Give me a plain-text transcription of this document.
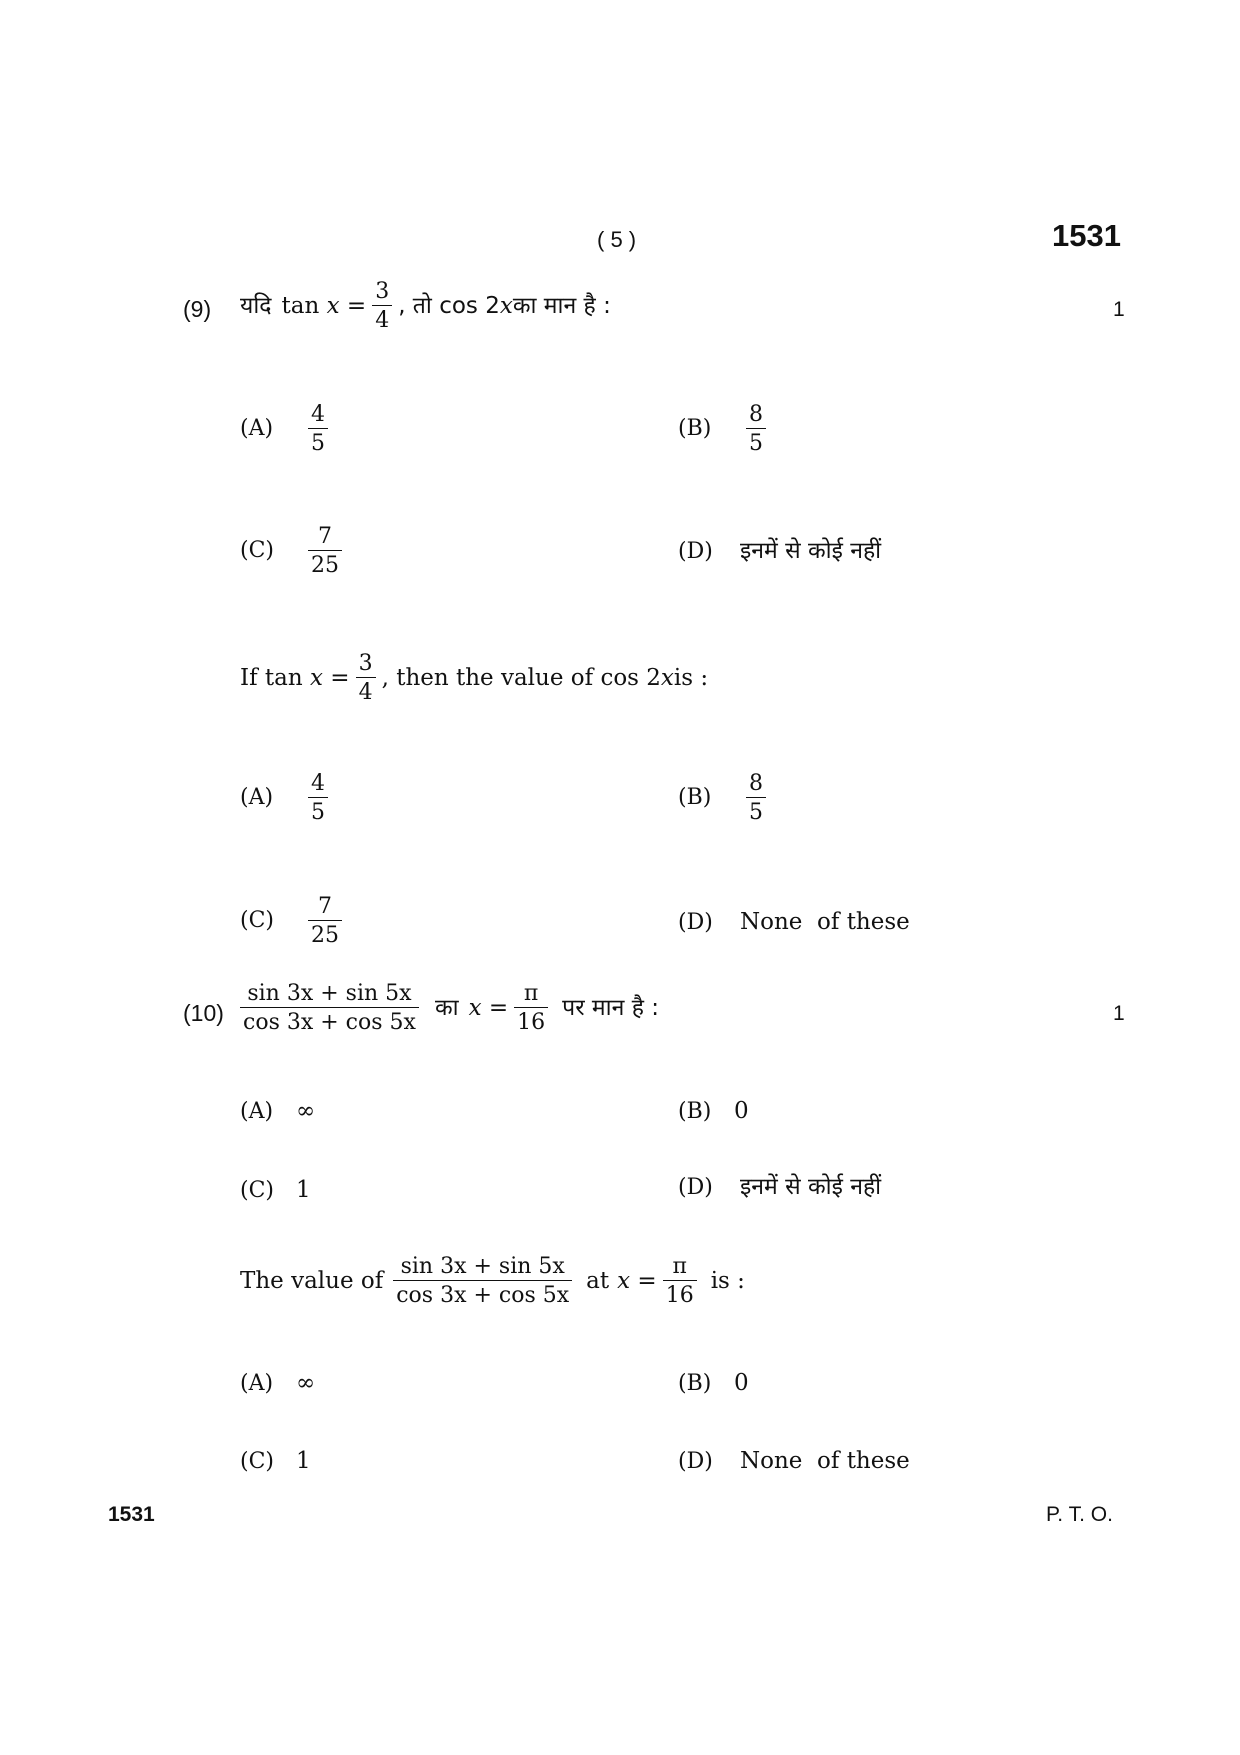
( 5 )	1531
(9) यदि tan
x
= $\frac{3}{4}$ , तो cos 2 x का मान है :	1
(A)	$\frac{4}{5}$	(B)	$\frac{8}{5}$
(C)	$\frac{7}{25}$	(D)	इनमें से कोई नहीं
If tan
x
= $\frac{3}{4}$ , then the value of cos 2 x is :
(A)	$\frac{4}{5}$	(B)	$\frac{8}{5}$
(C)	$\frac{7}{25}$	(D)	None  of these
$(10) \frac{\sin 3x + \sin 5x}{\cos 3x + \cos 5x}$ का $x = \frac{\pi}{16}$ पर मान है :	1
(A) ∞	(B) 0
(C) 1	(D)	इनमें से कोई नहीं
The value of $\frac{\sin 3x + \sin 5x}{\cos 3x + \cos 5x}$ at $x = \frac{\pi}{16}$ is :
(A) ∞	(B) 0
(C) 1	(D)	None  of these
1531	P. T. O.
